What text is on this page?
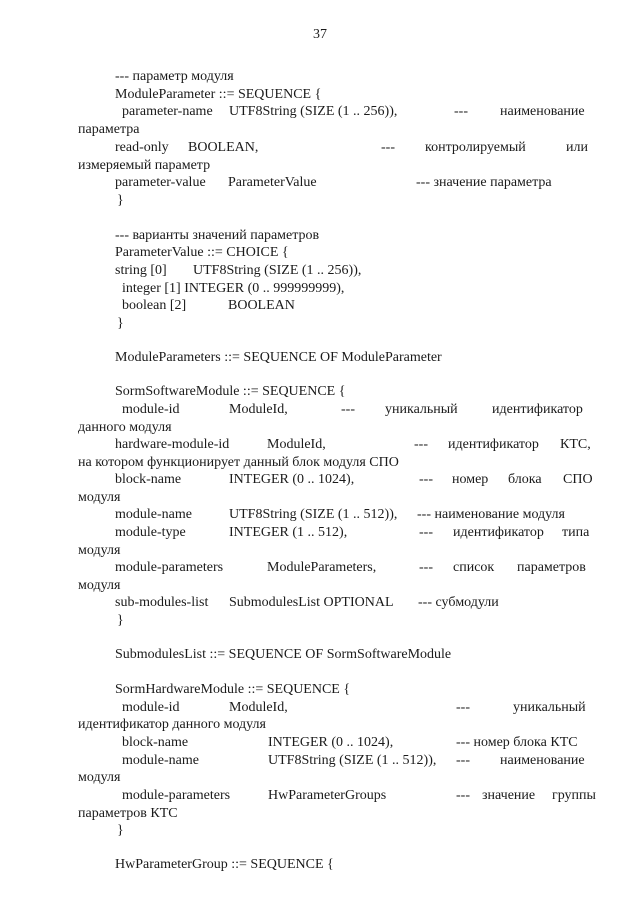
37
--- параметр модуля
ModuleParameter ::= SEQUENCE {
parameter-name UTF8String (SIZE (1 .. 256)),	--- наименование
параметра
read-only BOOLEAN,	--- контролируемый	или
измеряемый параметр
parameter-value ParameterValue	--- значение параметра
}
--- варианты значений параметров
ParameterValue ::= CHOICE {
string [0] UTF8String (SIZE (1 .. 256)),
integer [1] INTEGER (0 .. 999999999),
boolean [2]	BOOLEAN
}
ModuleParameters ::= SEQUENCE OF ModuleParameter
SormSoftwareModule ::= SEQUENCE {
module-id	ModuleId,	--- уникальный идентификатор
данного модуля
hardware-module-id	ModuleId,	--- идентификатор КТС,
на котором функционирует данный блок модуля СПО
block-name	INTEGER (0 .. 1024),	--- номер блока СПО
модуля
module-name	UTF8String (SIZE (1 .. 512)), --- наименование модуля
module-type	INTEGER (1 .. 512),	--- идентификатор типа
модуля
module-parameters	ModuleParameters,	--- список параметров
модуля
sub-modules-list SubmodulesList OPTIONAL --- субмодули
}
SubmodulesList ::= SEQUENCE OF SormSoftwareModule
SormHardwareModule ::= SEQUENCE {
module-id	ModuleId,	---	уникальный
идентификатор данного модуля
block-name	INTEGER (0 .. 1024),	--- номер блока КТС
module-name	UTF8String (SIZE (1 .. 512)), --- наименование
модуля
module-parameters	HwParameterGroups	--- значение группы
параметров КТС
}
HwParameterGroup ::= SEQUENCE {
